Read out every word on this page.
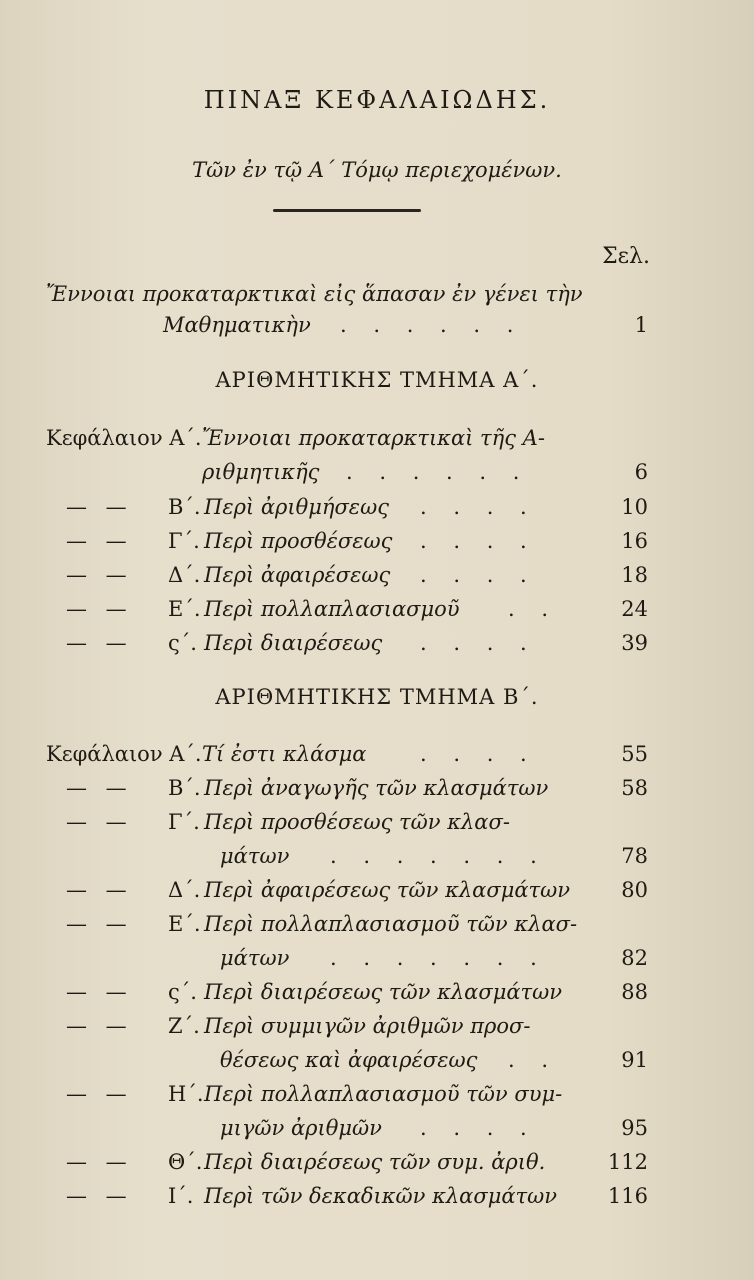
ΠΙΝΑΞ ΚΕΦΑΛΑΙΩΔΗΣ.
Τῶν ἐν τῷ Α΄ Τόμῳ περιεχομένων.
Σελ.
Ἔννοιαι προκαταρκτικαὶ εἰς ἅπασαν ἐν γένει τὴν
Μαθηματικὴν . . . . . .	1
ΑΡΙΘΜΗΤΙΚΗΣ ΤΜΗΜΑ Α΄.
Κεφάλαιον Α΄. Ἔννοιαι προκαταρκτικαὶ τῆς Α-
ριθμητικῆς . . . . . .	6
— — Β΄. Περὶ ἀριθμήσεως . . . .	10
— — Γ΄. Περὶ προσθέσεως . . . .	16
— — Δ΄. Περὶ ἀφαιρέσεως . . . .	18
— — Ε΄. Περὶ πολλαπλασιασμοῦ . .	24
— — ς΄. Περὶ διαιρέσεως . . . .	39
ΑΡΙΘΜΗΤΙΚΗΣ ΤΜΗΜΑ Β΄.
Κεφάλαιον Α΄. Τί ἐστι κλάσμα	. . . .	55
— — Β΄. Περὶ ἀναγωγῆς τῶν κλασμάτων	58
— — Γ΄. Περὶ προσθέσεως τῶν κλασ-
μάτων . . . . . . .	78
— — Δ΄. Περὶ ἀφαιρέσεως τῶν κλασμάτων 80
— — Ε΄. Περὶ πολλαπλασιασμοῦ τῶν κλασ-
μάτων . . . . . . .	82
— — ς΄. Περὶ διαιρέσεως τῶν κλασμάτων	88
— — Ζ΄. Περὶ συμμιγῶν ἀριθμῶν προσ-
θέσεως καὶ ἀφαιρέσεως . .	91
— — Η΄. Περὶ πολλαπλασιασμοῦ τῶν συμ-
μιγῶν ἀριθμῶν . . . .	95
— — Θ΄. Περὶ διαιρέσεως τῶν συμ. ἀριθ.	112
— — Ι΄. Περὶ τῶν δεκαδικῶν κλασμάτων 116
